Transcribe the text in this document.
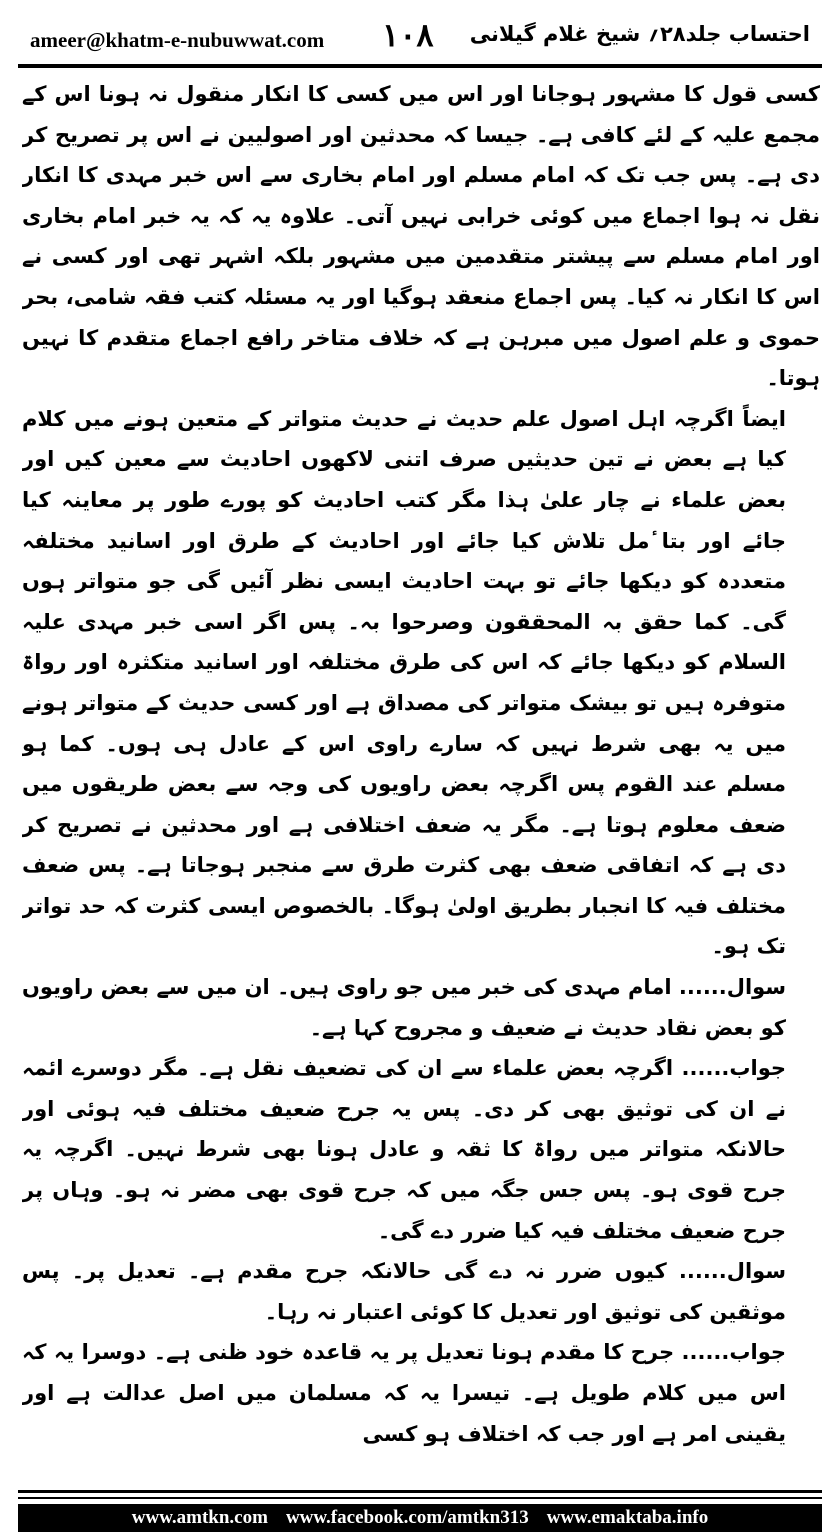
ameer@khatm-e-nubuwwat.com ۱۰۸ احتساب جلد۲۸؍ شیخ غلام گیلانی

کسی قول کا مشہور ہوجانا اور اس میں کسی کا انکار منقول نہ ہونا اس کے مجمع علیہ کے لئے کافی ہے۔ جیسا کہ محدثین اور اصولیین نے اس پر تصریح کر دی ہے۔ پس جب تک کہ امام مسلم اور امام بخاری سے اس خبر مہدی کا انکار نقل نہ ہوا اجماع میں کوئی خرابی نہیں آتی۔ علاوہ یہ کہ یہ خبر امام بخاری اور امام مسلم سے پیشتر متقدمین میں مشہور بلکہ اشہر تھی اور کسی نے اس کا انکار نہ کیا۔ پس اجماع منعقد ہوگیا اور یہ مسئلہ کتب فقہ شامی، بحر حموی و علم اصول میں مبرہن ہے کہ خلاف متاخر رافع اجماع متقدم کا نہیں ہوتا۔

ایضاً اگرچہ اہل اصول علم حدیث نے حدیث متواتر کے متعین ہونے میں کلام کیا ہے بعض نے تین حدیثیں صرف اتنی لاکھوں احادیث سے معین کیں اور بعض علماء نے چار علیٰ ہذا مگر کتب احادیث کو پورے طور پر معاینہ کیا جائے اور بتا ٔمل تلاش کیا جائے اور احادیث کے طرق اور اسانید مختلفہ متعددہ کو دیکھا جائے تو بہت احادیث ایسی نظر آئیں گی جو متواتر ہوں گی۔ کما حقق بہ المحققون وصرحوا بہ۔ پس اگر اسی خبر مہدی علیہ السلام کو دیکھا جائے کہ اس کی طرق مختلفہ اور اسانید متکثرہ اور رواۃ متوفرہ ہیں تو بیشک متواتر کی مصداق ہے اور کسی حدیث کے متواتر ہونے میں یہ بھی شرط نہیں کہ سارے راوی اس کے عادل ہی ہوں۔ کما ہو مسلم عند القوم پس اگرچہ بعض راویوں کی وجہ سے بعض طریقوں میں ضعف معلوم ہوتا ہے۔ مگر یہ ضعف اختلافی ہے اور محدثین نے تصریح کر دی ہے کہ اتفاقی ضعف بھی کثرت طرق سے منجبر ہوجاتا ہے۔ پس ضعف مختلف فیہ کا انجبار بطریق اولیٰ ہوگا۔ بالخصوص ایسی کثرت کہ حد تواتر تک ہو۔

سوال...... امام مہدی کی خبر میں جو راوی ہیں۔ ان میں سے بعض راویوں کو بعض نقاد حدیث نے ضعیف و مجروح کہا ہے۔

جواب...... اگرچہ بعض علماء سے ان کی تضعیف نقل ہے۔ مگر دوسرے ائمہ نے ان کی توثیق بھی کر دی۔ پس یہ جرح ضعیف مختلف فیہ ہوئی اور حالانکہ متواتر میں رواۃ کا ثقہ و عادل ہونا بھی شرط نہیں۔ اگرچہ یہ جرح قوی ہو۔ پس جس جگہ میں کہ جرح قوی بھی مضر نہ ہو۔ وہاں پر جرح ضعیف مختلف فیہ کیا ضرر دے گی۔

سوال...... کیوں ضرر نہ دے گی حالانکہ جرح مقدم ہے۔ تعدیل پر۔ پس موثقین کی توثیق اور تعدیل کا کوئی اعتبار نہ رہا۔

جواب...... جرح کا مقدم ہونا تعدیل پر یہ قاعدہ خود ظنی ہے۔ دوسرا یہ کہ اس میں کلام طویل ہے۔ تیسرا یہ کہ مسلمان میں اصل عدالت ہے اور یقینی امر ہے اور جب کہ اختلاف ہو کسی

www.amtkn.com www.facebook.com/amtkn313 www.emaktaba.info
